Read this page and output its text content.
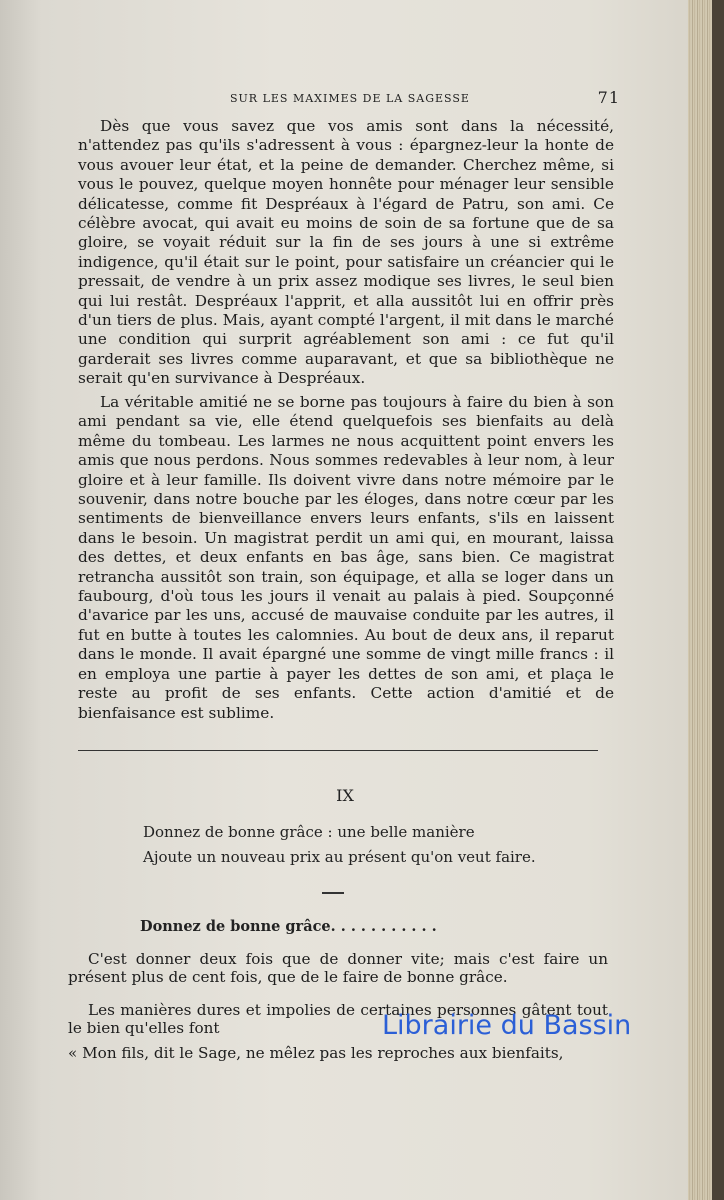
SUR LES MAXIMES DE LA SAGESSE	71

Dès que vous savez que vos amis sont dans la nécessité, n'attendez pas qu'ils s'adressent à vous : épargnez-leur la honte de vous avouer leur état, et la peine de demander. Cherchez même, si vous le pouvez, quelque moyen honnête pour ménager leur sensible délicatesse, comme fit Despréaux à l'égard de Patru, son ami. Ce célèbre avocat, qui avait eu moins de soin de sa fortune que de sa gloire, se voyait réduit sur la fin de ses jours à une si extrême indigence, qu'il était sur le point, pour satisfaire un créancier qui le pressait, de vendre à un prix assez modique ses livres, le seul bien qui lui restât. Despréaux l'apprit, et alla aussitôt lui en offrir près d'un tiers de plus. Mais, ayant compté l'argent, il mit dans le marché une condition qui surprit agréablement son ami : ce fut qu'il garderait ses livres comme auparavant, et que sa bibliothèque ne serait qu'en survivance à Despréaux.

La véritable amitié ne se borne pas toujours à faire du bien à son ami pendant sa vie, elle étend quelquefois ses bienfaits au delà même du tombeau. Les larmes ne nous acquittent point envers les amis que nous perdons. Nous sommes redevables à leur nom, à leur gloire et à leur famille. Ils doivent vivre dans notre mémoire par le souvenir, dans notre bouche par les éloges, dans notre cœur par les sentiments de bienveillance envers leurs enfants, s'ils en laissent dans le besoin. Un magistrat perdit un ami qui, en mourant, laissa des dettes, et deux enfants en bas âge, sans bien. Ce magistrat retrancha aussitôt son train, son équipage, et alla se loger dans un faubourg, d'où tous les jours il venait au palais à pied. Soupçonné d'avarice par les uns, accusé de mauvaise conduite par les autres, il fut en butte à toutes les calomnies. Au bout de deux ans, il reparut dans le monde. Il avait épargné une somme de vingt mille francs : il en employa une partie à payer les dettes de son ami, et plaça le reste au profit de ses enfants. Cette action d'amitié et de bienfaisance est sublime.

IX
Donnez de bonne grâce : une belle manière
Ajoute un nouveau prix au présent qu'on veut faire.
Donnez de bonne grâce. . . . . . . . . . .

C'est donner deux fois que de donner vite; mais c'est faire un présent plus de cent fois, que de le faire de bonne grâce.

Les manières dures et impolies de certaines personnes gâtent tout le bien qu'elles font

« Mon fils, dit le Sage, ne mêlez pas les reproches aux bienfaits,

Librairie du Bassin
